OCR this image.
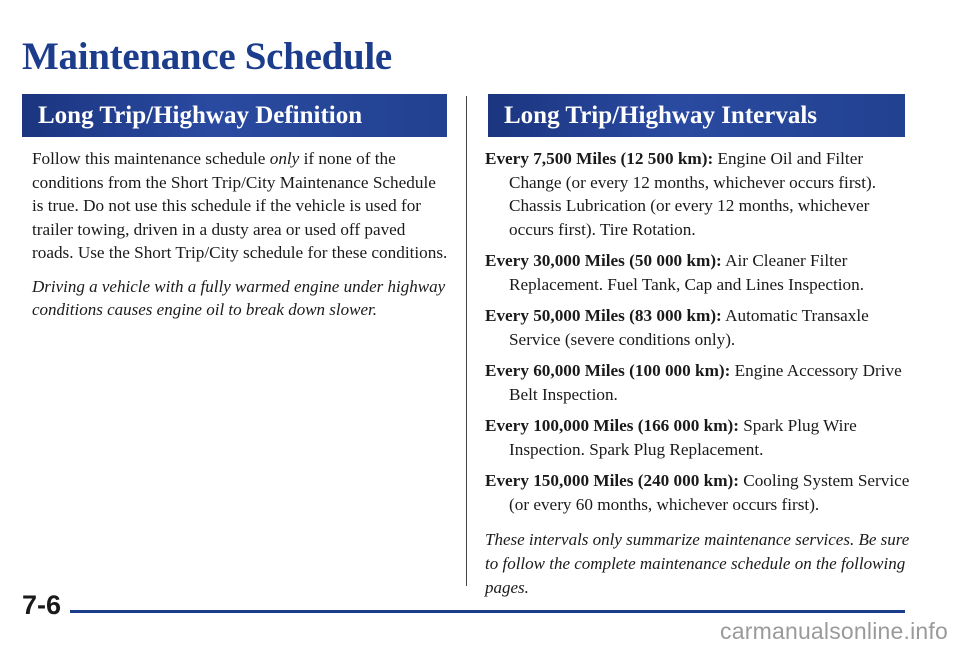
Maintenance Schedule
Long Trip/Highway Definition	Long Trip/Highway Intervals

Follow this maintenance schedule only if none of the conditions from the Short Trip/City Maintenance Schedule is true. Do not use this schedule if the vehicle is used for trailer towing, driven in a dusty area or used off paved roads. Use the Short Trip/City schedule for these conditions.

Driving a vehicle with a fully warmed engine under highway conditions causes engine oil to break down slower.

Every 7,500 Miles (12 500 km): Engine Oil and Filter Change (or every 12 months, whichever occurs first). Chassis Lubrication (or every 12 months, whichever occurs first). Tire Rotation.

Every 30,000 Miles (50 000 km): Air Cleaner Filter Replacement. Fuel Tank, Cap and Lines Inspection.

Every 50,000 Miles (83 000 km): Automatic Transaxle Service (severe conditions only).

Every 60,000 Miles (100 000 km): Engine Accessory Drive Belt Inspection.

Every 100,000 Miles (166 000 km): Spark Plug Wire Inspection. Spark Plug Replacement.

Every 150,000 Miles (240 000 km): Cooling System Service (or every 60 months, whichever occurs first).

These intervals only summarize maintenance services. Be sure to follow the complete maintenance schedule on the following pages.

7-6
carmanualsonline.info
